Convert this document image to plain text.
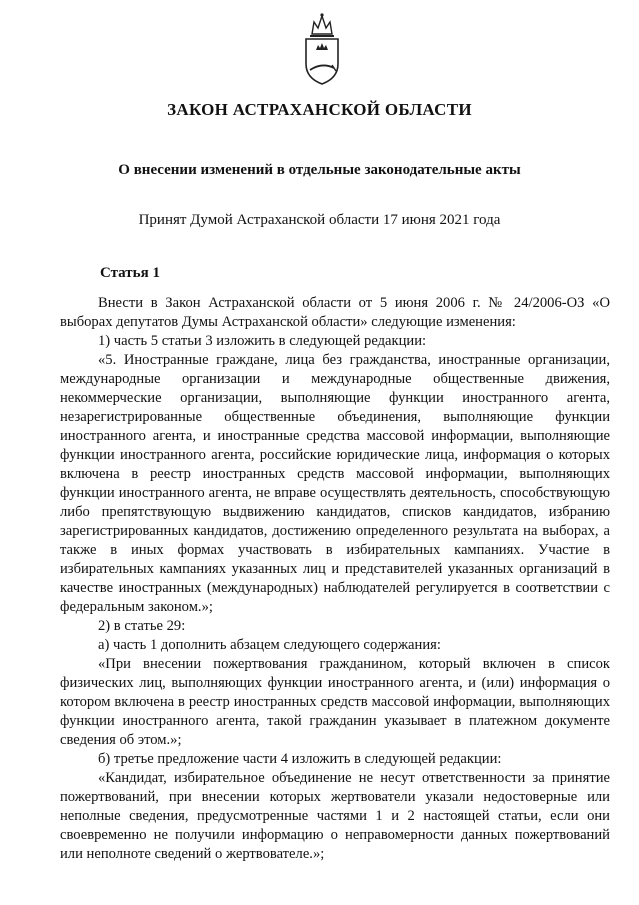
ЗАКОН АСТРАХАНСКОЙ ОБЛАСТИ
О внесении изменений в отдельные законодательные акты
Принят Думой Астраханской области 17 июня 2021 года
Статья 1

Внести в Закон Астраханской области от 5 июня 2006 г. № 24/2006-ОЗ «О выборах депутатов Думы Астраханской области» следующие изменения:

1) часть 5 статьи 3 изложить в следующей редакции:

«5. Иностранные граждане, лица без гражданства, иностранные организации, международные организации и международные общественные движения, некоммерческие организации, выполняющие функции иностранного агента, незарегистрированные общественные объединения, выполняющие функции иностранного агента, и иностранные средства массовой информации, выполняющие функции иностранного агента, российские юридические лица, информация о которых включена в реестр иностранных средств массовой информации, выполняющих функции иностранного агента, не вправе осуществлять деятельность, способствующую либо препятствующую выдвижению кандидатов, списков кандидатов, избранию зарегистрированных кандидатов, достижению определенного результата на выборах, а также в иных формах участвовать в избирательных кампаниях. Участие в избирательных кампаниях указанных лиц и представителей указанных организаций в качестве иностранных (международных) наблюдателей регулируется в соответствии с федеральным законом.»;

2) в статье 29:

а) часть 1 дополнить абзацем следующего содержания:

«При внесении пожертвования гражданином, который включен в список физических лиц, выполняющих функции иностранного агента, и (или) информация о котором включена в реестр иностранных средств массовой информации, выполняющих функции иностранного агента, такой гражданин указывает в платежном документе сведения об этом.»;

б) третье предложение части 4 изложить в следующей редакции:

«Кандидат, избирательное объединение не несут ответственности за принятие пожертвований, при внесении которых жертвователи указали недостоверные или неполные сведения, предусмотренные частями 1 и 2 настоящей статьи, если они своевременно не получили информацию о неправомерности данных пожертвований или неполноте сведений о жертвователе.»;
